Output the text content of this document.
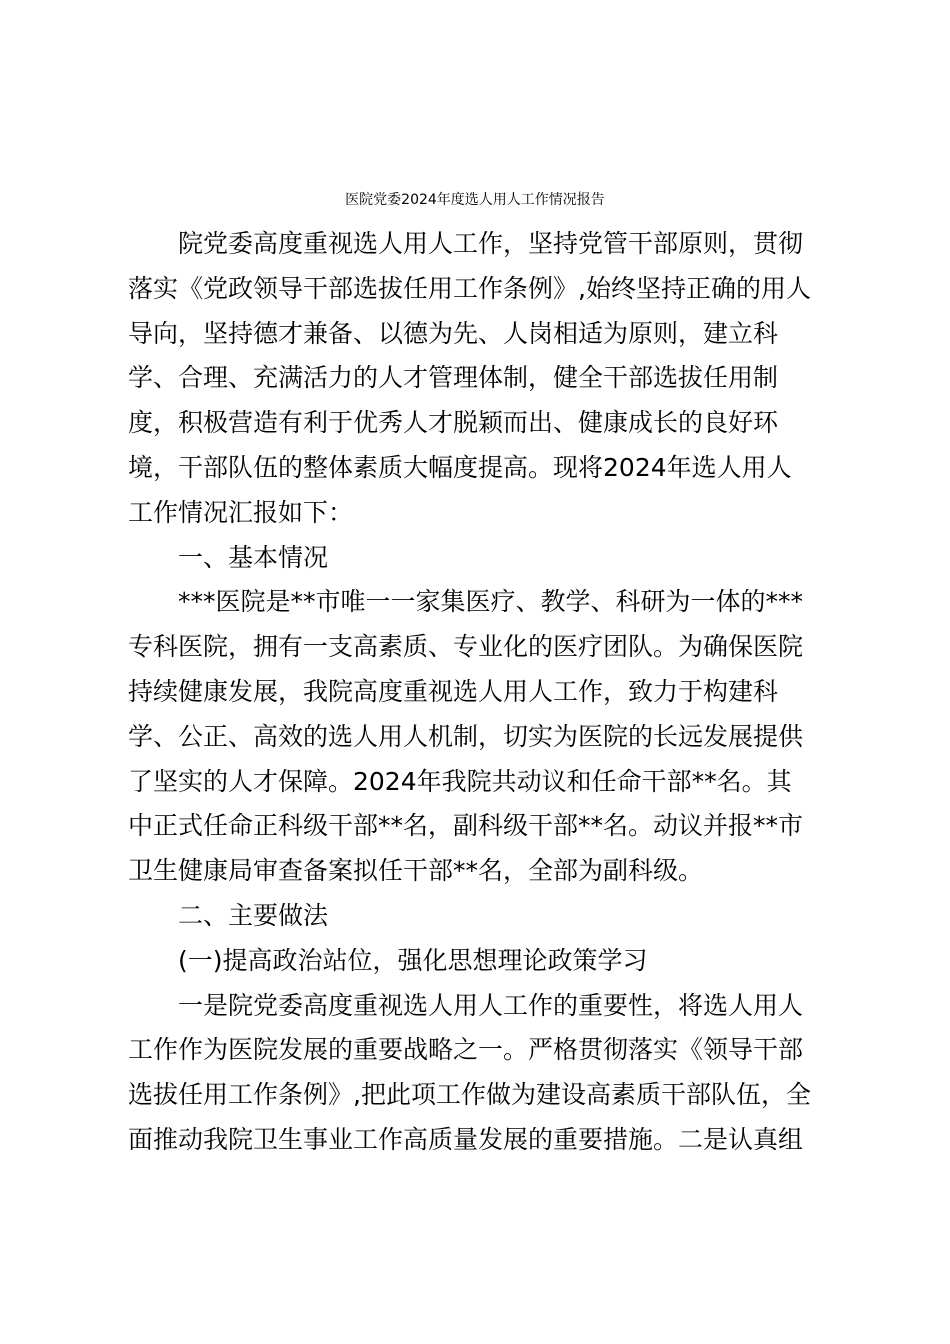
医院党委2024年度选人用人工作情况报告
　　院党委高度重视选人用人工作，坚持党管干部原则，贯彻
落实《党政领导干部选拔任用工作条例》,始终坚持正确的用人
导向，坚持德才兼备、以德为先、人岗相适为原则，建立科
学、合理、充满活力的人才管理体制，健全干部选拔任用制
度，积极营造有利于优秀人才脱颖而出、健康成长的良好环
境，干部队伍的整体素质大幅度提高。现将2024年选人用人
工作情况汇报如下：
　　一、基本情况
　　***医院是**市唯一一家集医疗、教学、科研为一体的***
专科医院，拥有一支高素质、专业化的医疗团队。为确保医院
持续健康发展，我院高度重视选人用人工作，致力于构建科
学、公正、高效的选人用人机制，切实为医院的长远发展提供
了坚实的人才保障。2024年我院共动议和任命干部**名。其
中正式任命正科级干部**名，副科级干部**名。动议并报**市
卫生健康局审查备案拟任干部**名，全部为副科级。
　　二、主要做法
　　(一)提高政治站位，强化思想理论政策学习
　　一是院党委高度重视选人用人工作的重要性，将选人用人
工作作为医院发展的重要战略之一。严格贯彻落实《领导干部
选拔任用工作条例》,把此项工作做为建设高素质干部队伍，全
面推动我院卫生事业工作高质量发展的重要措施。二是认真组
